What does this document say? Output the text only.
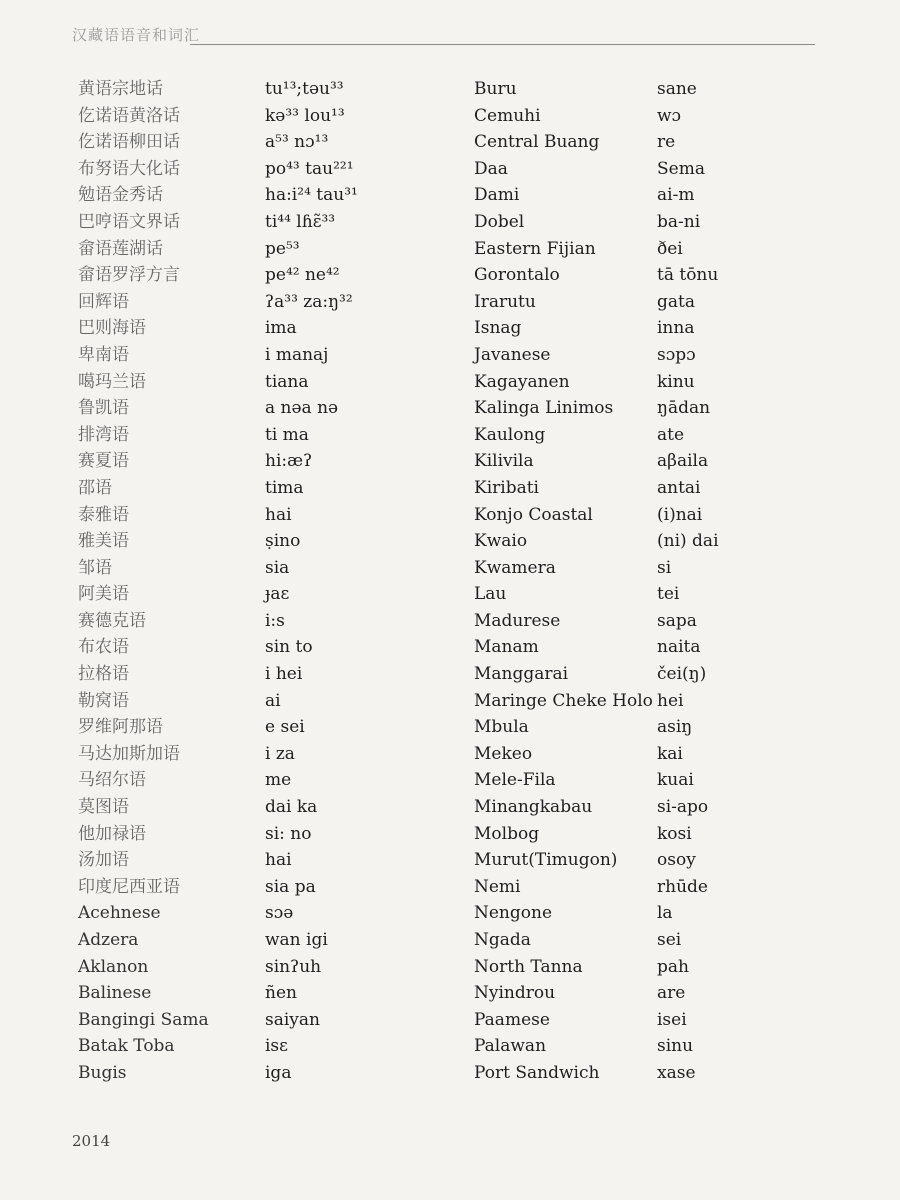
汉藏语语音和词汇
黄语宗地话
仡诺语黄洛话
仡诺语柳田话
布努语大化话
勉语金秀话
巴哼语文界话
畲语莲湖话
畲语罗浮方言
回辉语
巴则海语
卑南语
噶玛兰语
鲁凯语
排湾语
赛夏语
邵语
泰雅语
雅美语
邹语
阿美语
赛德克语
布农语
拉格语
勒窝语
罗维阿那语
马达加斯加语
马绍尔语
莫图语
他加禄语
汤加语
印度尼西亚语
Acehnese
Adzera
Aklanon
Balinese
Bangingi Sama
Batak Toba
Bugis
tu¹³;təu³³
kə³³ lou¹³
a⁵³ nɔ¹³
po⁴³ tau²²¹
ha:i²⁴ tau³¹
ti⁴⁴ lɦɛ̃³³
pe⁵³
pe⁴² ne⁴²
ʔa³³ za:ŋ³²
ima
i manaj
tiana
a nəa nə
ti ma
hi:æʔ
tima
hai
ṣino
sia
ɟaɛ
i:s
sin to
i hei
ai
e sei
i za
me
dai ka
si: no
hai
sia pa
sɔə
wan igi
sinʔuh
ñen
saiyan
isɛ
iga
Buru
Cemuhi
Central Buang
Daa
Dami
Dobel
Eastern Fijian
Gorontalo
Irarutu
Isnag
Javanese
Kagayanen
Kalinga Linimos
Kaulong
Kilivila
Kiribati
Konjo Coastal
Kwaio
Kwamera
Lau
Madurese
Manam
Manggarai
Maringe Cheke Holo
Mbula
Mekeo
Mele-Fila
Minangkabau
Molbog
Murut(Timugon)
Nemi
Nengone
Ngada
North Tanna
Nyindrou
Paamese
Palawan
Port Sandwich
sane
wɔ
re
Sema
ai-m
ba-ni
ðei
tā tōnu
gata
inna
sɔpɔ
kinu
ŋādan
ate
aβaila
antai
(i)nai
(ni) dai
si
tei
sapa
naita
čei(ŋ)
hei
asiŋ
kai
kuai
si-apo
kosi
osoy
rhūde
la
sei
pah
are
isei
sinu
xase
2014
